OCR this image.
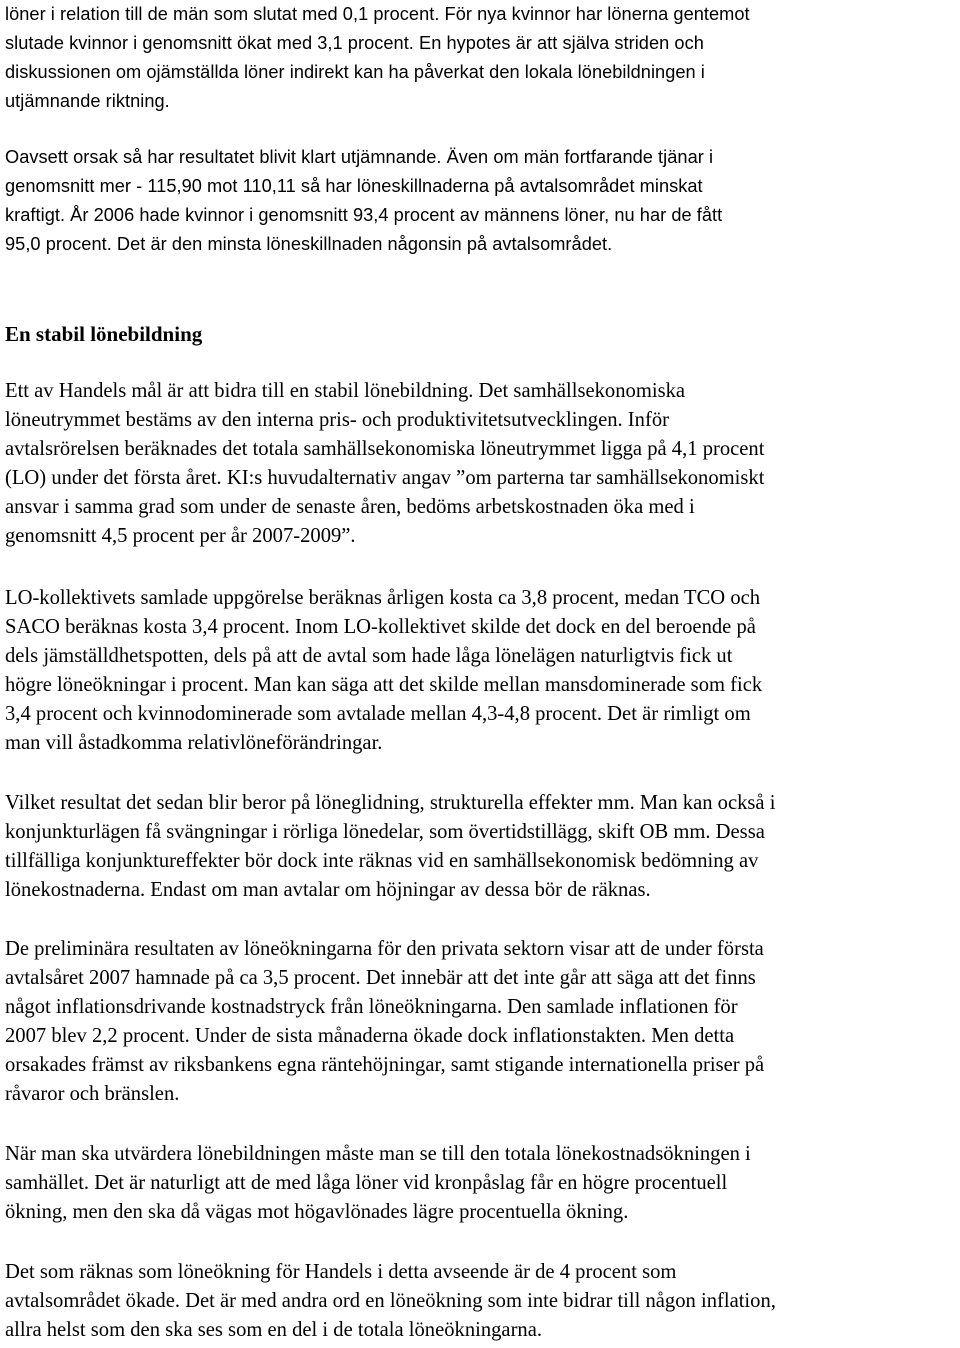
löner i relation till de män som slutat med 0,1 procent. För nya kvinnor har lönerna gentemot
slutade kvinnor i genomsnitt ökat med 3,1 procent. En hypotes är att själva striden och
diskussionen om ojämställda löner indirekt kan ha påverkat den lokala lönebildningen i
utjämnande riktning.
Oavsett orsak så har resultatet blivit klart utjämnande. Även om män fortfarande tjänar i
genomsnitt mer - 115,90 mot 110,11 så har löneskillnaderna på avtalsområdet minskat
kraftigt. År 2006 hade kvinnor i genomsnitt 93,4 procent av männens löner, nu har de fått
95,0 procent. Det är den minsta löneskillnaden någonsin på avtalsområdet.
En stabil lönebildning
Ett av Handels mål är att bidra till en stabil lönebildning. Det samhällsekonomiska
löneutrymmet bestäms av den interna pris- och produktivitetsutvecklingen. Inför
avtalsrörelsen beräknades det totala samhällsekonomiska löneutrymmet ligga på 4,1 procent
(LO) under det första året. KI:s huvudalternativ angav ”om parterna tar samhällsekonomiskt
ansvar i samma grad som under de senaste åren, bedöms arbetskostnaden öka med i
genomsnitt 4,5 procent per år 2007-2009”.
LO-kollektivets samlade uppgörelse beräknas årligen kosta ca 3,8 procent, medan TCO och
SACO beräknas kosta 3,4 procent. Inom LO-kollektivet skilde det dock en del beroende på
dels jämställdhetspotten, dels på att de avtal som hade låga lönelägen naturligtvis fick ut
högre löneökningar i procent. Man kan säga att det skilde mellan mansdominerade som fick
3,4 procent och kvinnodominerade som avtalade mellan 4,3-4,8 procent. Det är rimligt om
man vill åstadkomma relativlöneförändringar.
Vilket resultat det sedan blir beror på löneglidning, strukturella effekter mm. Man kan också i
konjunkturlägen få svängningar i rörliga lönedelar, som övertidstillägg, skift OB mm. Dessa
tillfälliga konjunktureffekter bör dock inte räknas vid en samhällsekonomisk bedömning av
lönekostnaderna. Endast om man avtalar om höjningar av dessa bör de räknas.
De preliminära resultaten av löneökningarna för den privata sektorn visar att de under första
avtalsåret 2007 hamnade på ca 3,5 procent. Det innebär att det inte går att säga att det finns
något inflationsdrivande kostnadstryck från löneökningarna. Den samlade inflationen för
2007 blev 2,2 procent. Under de sista månaderna ökade dock inflationstakten. Men detta
orsakades främst av riksbankens egna räntehöjningar, samt stigande internationella priser på
råvaror och bränslen.
När man ska utvärdera lönebildningen måste man se till den totala lönekostnadsökningen i
samhället. Det är naturligt att de med låga löner vid kronpåslag får en högre procentuell
ökning, men den ska då vägas mot högavlönades lägre procentuella ökning.
Det som räknas som löneökning för Handels i detta avseende är de 4 procent som
avtalsområdet ökade. Det är med andra ord en löneökning som inte bidrar till någon inflation,
allra helst som den ska ses som en del i de totala löneökningarna.
